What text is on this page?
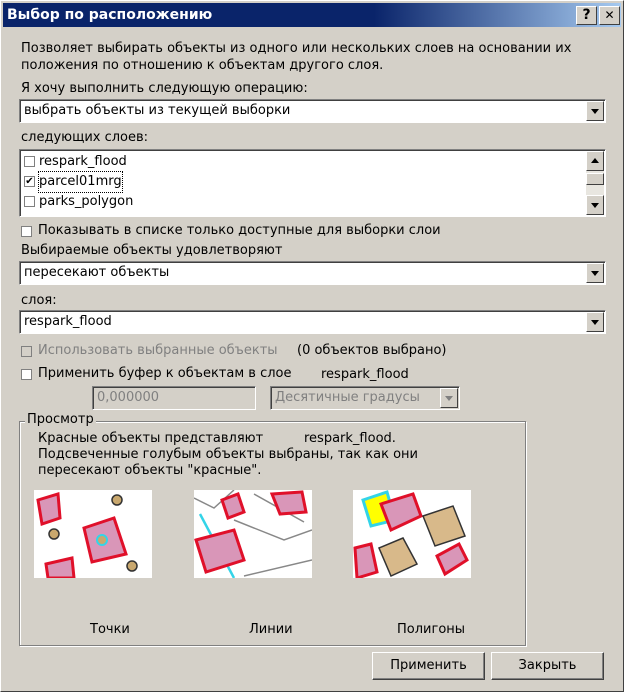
Выбор по расположению	?	✕
Позволяет выбирать объекты из одного или нескольких слоев на основании их
положения по отношению к объектам другого слоя.
Я хочу выполнить следующую операцию:
выбрать объекты из текущей выборки
следующих слоев:
respark_flood
✔ parcel01mrg
parks_polygon
Показывать в списке только доступные для выборки слои
Выбираемые объекты удовлетворяют
пересекают объекты
слоя:
respark_flood
Использовать выбранные объекты (0 объектов выбрано)
Применить буфер к объектам в слое respark_flood
0,000000	Десятичные градусы
Просмотр
Красные объекты представляют	respark_flood.
Подсвеченные голубым объекты выбраны, так как они
пересекают объекты "красные".
Точки	Линии	Полигоны
Применить	Закрыть
